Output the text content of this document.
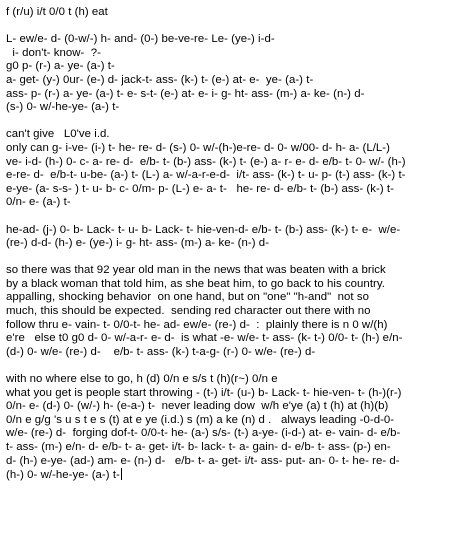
f (r/u) i/t 0/0 t (h) eat
L- ew/e- d- (0-w/-) h- and- (0-) be-ve-re- Le- (ye-) i-d-
i- don't- know-  ?-
g0 p- (r-) a- ye- (a-) t-
a- get- (y-) 0ur- (e-) d- jack-t- ass- (k-) t- (e-) at- e-  ye- (a-) t-
ass- p- (r-) a- ye- (a-) t- e- s-t- (e-) at- e- i- g- ht- ass- (m-) a- ke- (n-) d-
(s-) 0- w/-he-ye- (a-) t-
can't give   L0've i.d.
only can g- i-ve- (i-) t- he- re- d- (s-) 0- w/-(h-)e-re- d- 0- w/00- d- h- a- (L/L-)
ve- i-d- (h-) 0- c- a- re- d-  e/b- t- (b-) ass- (k-) t- (e-) a- r- e- d- e/b- t- 0- w/- (h-)
e-re- d-  e/b-t- u-be- (a-) t- (L-) a- w/-a-r-e-d-  i/t- ass- (k-) t- u- p- (t-) ass- (k-) t-
e-ye- (a- s-s- ) t- u- b- c- 0/m- p- (L-) e- a- t-   he- re- d- e/b- t- (b-) ass- (k-) t-
0/n- e- (a-) t-
he-ad- (j-) 0- b- Lack- t- u- b- Lack- t- hie-ven-d- e/b- t- (b-) ass- (k-) t- e-  w/e-
(re-) d-d- (h-) e- (ye-) i- g- ht- ass- (m-) a- ke- (n-) d-
so there was that 92 year old man in the news that was beaten with a brick
by a black woman that told him, as she beat him, to go back to his country.
appalling, shocking behavior  on one hand, but on "one" "h-and"  not so
much, this should be expected.  sending red character out there with no
follow thru e- vain- t- 0/0-t- he- ad- ew/e- (re-) d-  :  plainly there is n 0 w/(h)
e're   else t0 g0 d- 0- w/-a-r- e- d-  is what -e- w/e- t- ass- (k- t-) 0/0- t- (h-) e/n-
(d-) 0- w/e- (re-) d-    e/b- t- ass- (k-) t-a-g- (r-) 0- w/e- (re-) d-
with no where else to go, h (d) 0/n e s/s t (h)(r~) 0/n e
what you get is people start throwing - (t-) i/t- (u-) b- Lack- t- hie-ven- t- (h-)(r-)
0/n- e- (d-) 0- (w/-) h- (e-a-) t-  never leading dow  w/h e'ye (a) t (h) at (h)(b)
0/n e g/g 's u s t e s (t) at e ye (i.d.) s (m) a ke (n) d .   always leading -0-d-0-
w/e- (re-) d-  forging dof-t- 0/0-t- he- (a-) s/s- (t-) a-ye- (i-d-) at- e- vain- d- e/b-
t- ass- (m-) e/n- d- e/b- t- a- get- i/t- b- lack- t- a- gain- d- e/b- t- ass- (p-) en-
d- (h-) e-ye- (ad-) am- e- (n-) d-   e/b- t- a- get- i/t- ass- put- an- 0- t- he- re- d-
(h-) 0- w/-he-ye- (a-) t-
